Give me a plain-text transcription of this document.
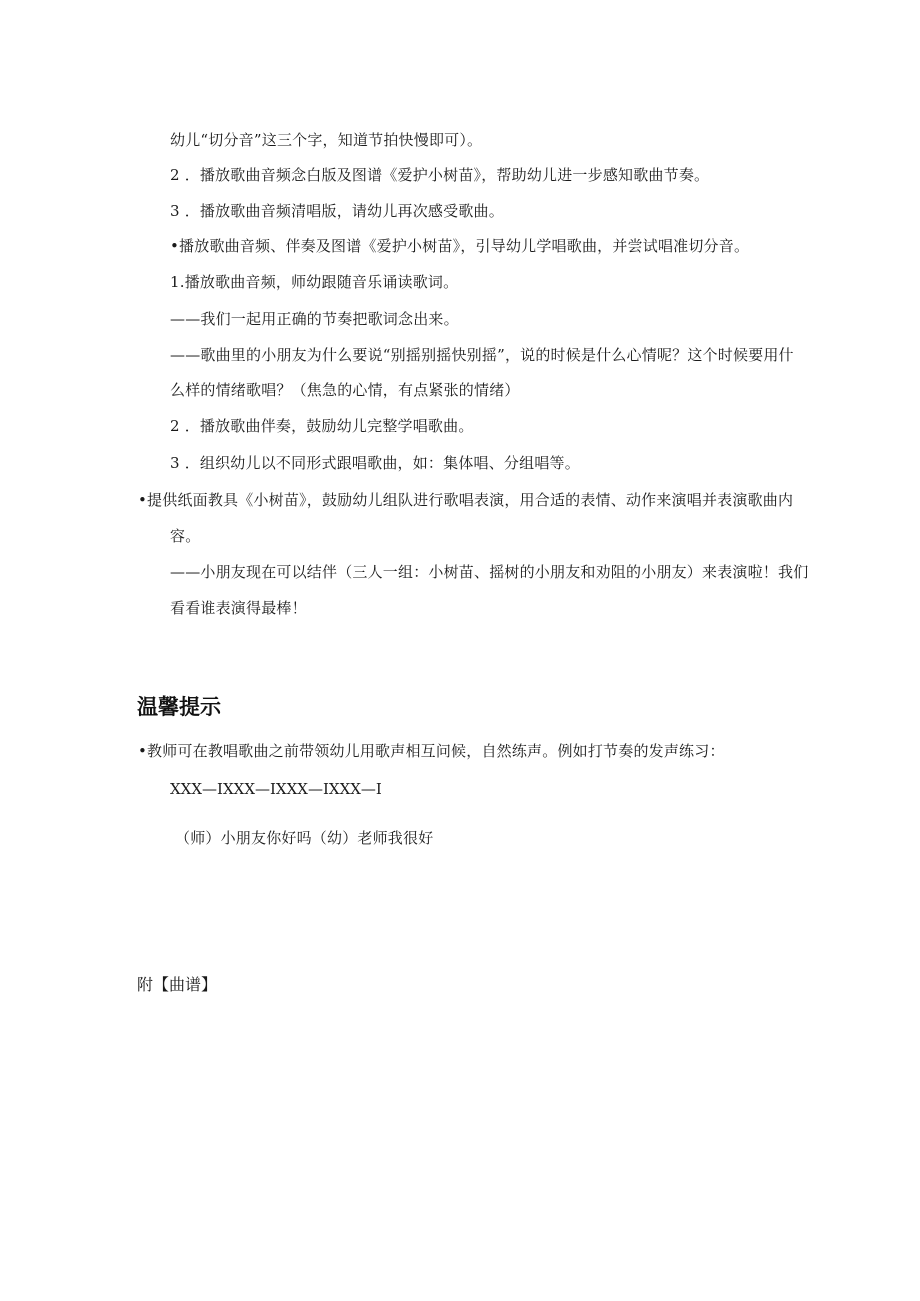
幼儿“切分音”这三个字，知道节拍快慢即可）。
2 ．播放歌曲音频念白版及图谱《爱护小树苗》，帮助幼儿进一步感知歌曲节奏。
3 ．播放歌曲音频清唱版，请幼儿再次感受歌曲。
•播放歌曲音频、伴奏及图谱《爱护小树苗》，引导幼儿学唱歌曲，并尝试唱准切分音。
1.播放歌曲音频，师幼跟随音乐诵读歌词。
——我们一起用正确的节奏把歌词念出来。
——歌曲里的小朋友为什么要说“别摇别摇快别摇”，说的时候是什么心情呢？这个时候要用什
么样的情绪歌唱？（焦急的心情，有点紧张的情绪）
2 ．播放歌曲伴奏，鼓励幼儿完整学唱歌曲。
3 ．组织幼儿以不同形式跟唱歌曲，如：集体唱、分组唱等。
•提供纸面教具《小树苗》，鼓励幼儿组队进行歌唱表演，用合适的表情、动作来演唱并表演歌曲内
容。
——小朋友现在可以结伴（三人一组：小树苗、摇树的小朋友和劝阻的小朋友）来表演啦！我们
看看谁表演得最棒！
温馨提示
•教师可在教唱歌曲之前带领幼儿用歌声相互问候，自然练声。例如打节奏的发声练习：
XXX—IXXX—IXXX—IXXX—I
（师）小朋友你好吗（幼）老师我很好
附【曲谱】
